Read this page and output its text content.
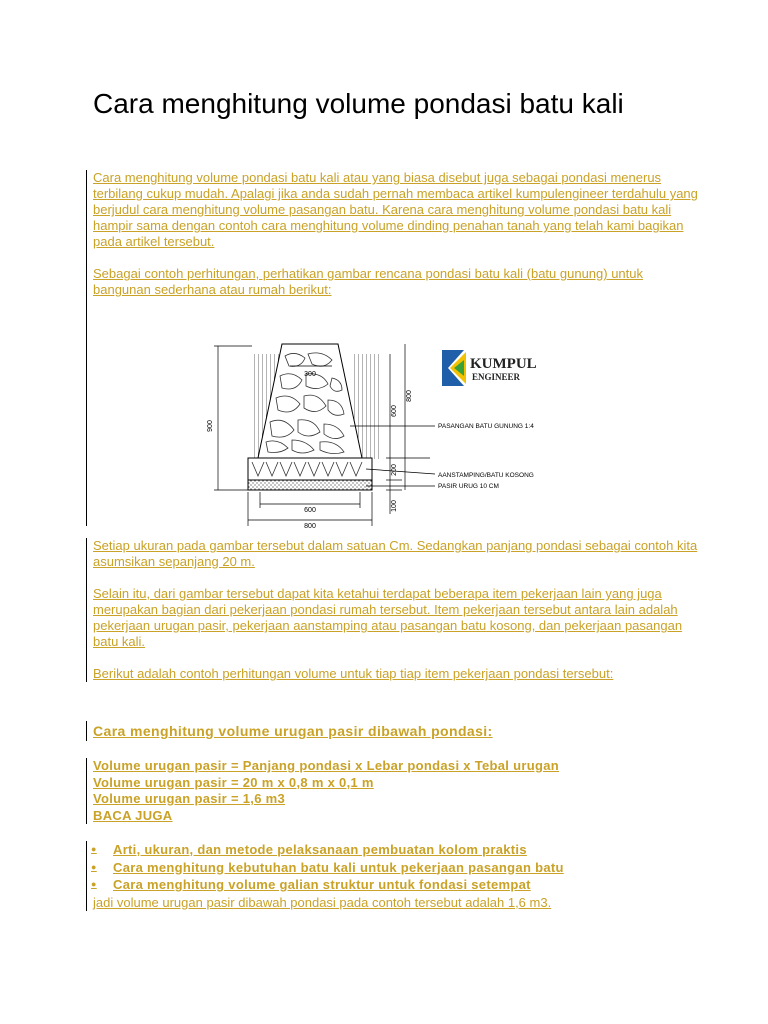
Cara menghitung volume pondasi batu kali

Cara menghitung volume pondasi batu kali atau yang biasa disebut juga sebagai pondasi menerus terbilang cukup mudah. Apalagi jika anda sudah pernah membaca artikel kumpulengineer terdahulu yang berjudul cara menghitung volume pasangan batu. Karena cara menghitung volume pondasi batu kali hampir sama dengan contoh cara menghitung volume dinding penahan tanah yang telah kami bagikan pada artikel tersebut.

Sebagai contoh perhitungan, perhatikan gambar rencana pondasi batu kali (batu gunung) untuk bangunan sederhana atau rumah berikut:

300
900
600
800
200
100
600
800
PASANGAN BATU GUNUNG 1:4
AANSTAMPING/BATU KOSONG
PASIR URUG 10 CM
KUMPUL
ENGINEER

Setiap ukuran pada gambar tersebut dalam satuan Cm. Sedangkan panjang pondasi sebagai contoh kita asumsikan sepanjang 20 m.

Selain itu, dari gambar tersebut dapat kita ketahui terdapat beberapa item pekerjaan lain yang juga merupakan bagian dari pekerjaan pondasi rumah tersebut. Item pekerjaan tersebut antara lain adalah pekerjaan urugan pasir, pekerjaan aanstamping atau pasangan batu kosong, dan pekerjaan pasangan batu kali.

Berikut adalah contoh perhitungan volume untuk tiap tiap item pekerjaan pondasi tersebut:

Cara menghitung volume urugan pasir dibawah pondasi:
Volume urugan pasir = Panjang pondasi x Lebar pondasi x Tebal urugan
Volume urugan pasir = 20 m x 0,8 m x 0,1 m
Volume urugan pasir = 1,6 m3
BACA JUGA
●	Arti, ukuran, dan metode pelaksanaan pembuatan kolom praktis
●	Cara menghitung kebutuhan batu kali untuk pekerjaan pasangan batu
●	Cara menghitung volume galian struktur untuk fondasi setempat
jadi volume urugan pasir dibawah pondasi pada contoh tersebut adalah 1,6 m3.
